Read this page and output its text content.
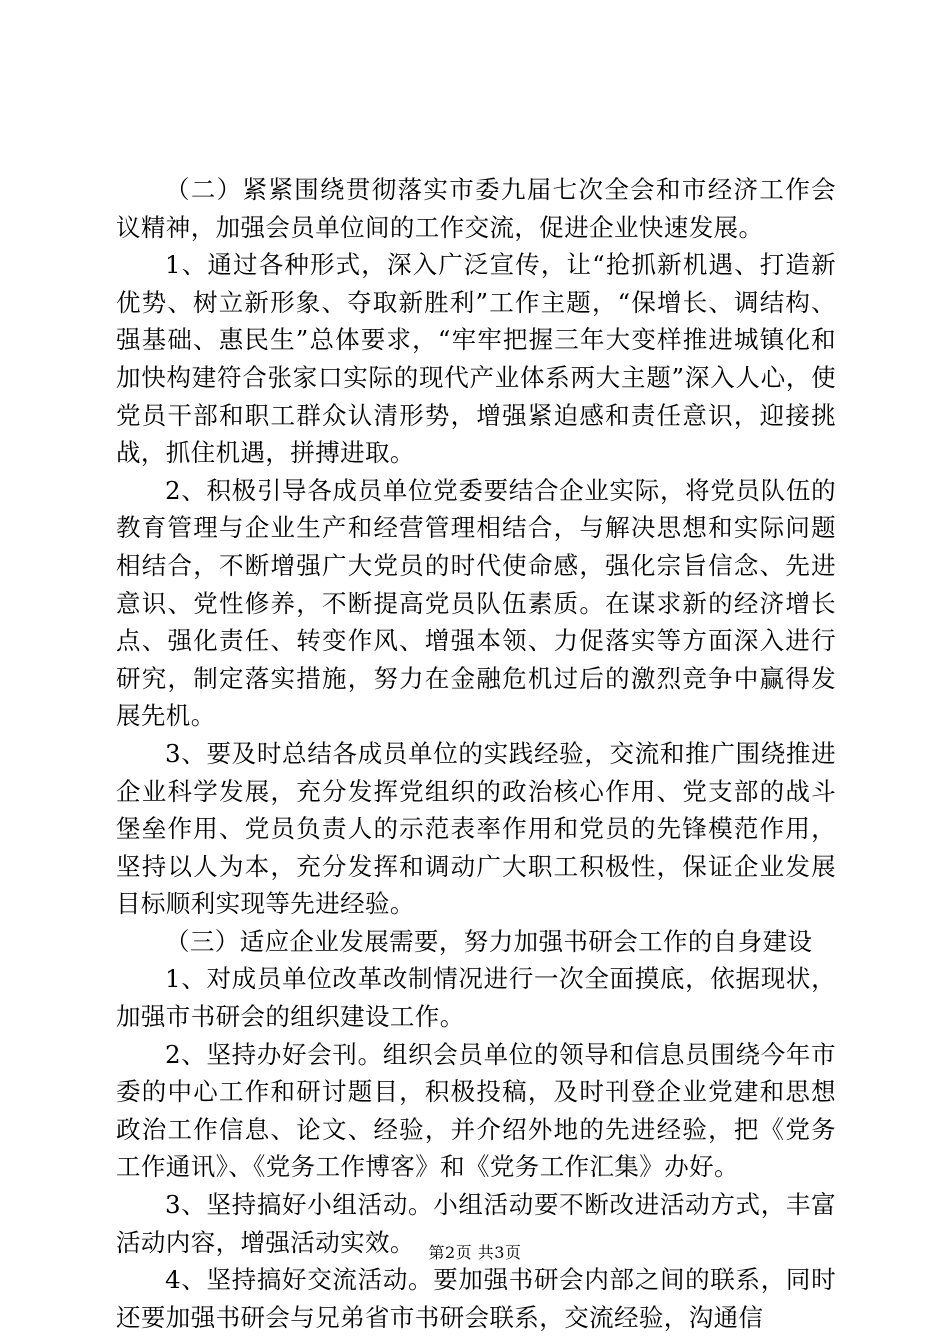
（二）紧紧围绕贯彻落实市委九届七次全会和市经济工作会议精神，加强会员单位间的工作交流，促进企业快速发展。

1、通过各种形式，深入广泛宣传，让“抢抓新机遇、打造新优势、树立新形象、夺取新胜利”工作主题，“保增长、调结构、强基础、惠民生”总体要求，“牢牢把握三年大变样推进城镇化和加快构建符合张家口实际的现代产业体系两大主题”深入人心，使党员干部和职工群众认清形势，增强紧迫感和责任意识，迎接挑战，抓住机遇，拼搏进取。

2、积极引导各成员单位党委要结合企业实际，将党员队伍的教育管理与企业生产和经营管理相结合，与解决思想和实际问题相结合，不断增强广大党员的时代使命感，强化宗旨信念、先进意识、党性修养，不断提高党员队伍素质。在谋求新的经济增长点、强化责任、转变作风、增强本领、力促落实等方面深入进行研究，制定落实措施，努力在金融危机过后的激烈竞争中赢得发展先机。

3、要及时总结各成员单位的实践经验，交流和推广围绕推进企业科学发展，充分发挥党组织的政治核心作用、党支部的战斗堡垒作用、党员负责人的示范表率作用和党员的先锋模范作用，坚持以人为本，充分发挥和调动广大职工积极性，保证企业发展目标顺利实现等先进经验。

（三）适应企业发展需要，努力加强书研会工作的自身建设

1、对成员单位改革改制情况进行一次全面摸底，依据现状，加强市书研会的组织建设工作。

2、坚持办好会刊。组织会员单位的领导和信息员围绕今年市委的中心工作和研讨题目，积极投稿，及时刊登企业党建和思想政治工作信息、论文、经验，并介绍外地的先进经验，把《党务工作通讯》、《党务工作博客》和《党务工作汇集》办好。

3、坚持搞好小组活动。小组活动要不断改进活动方式，丰富活动内容，增强活动实效。

4、坚持搞好交流活动。要加强书研会内部之间的联系，同时还要加强书研会与兄弟省市书研会联系，交流经验，沟通信

第2页 共3页
